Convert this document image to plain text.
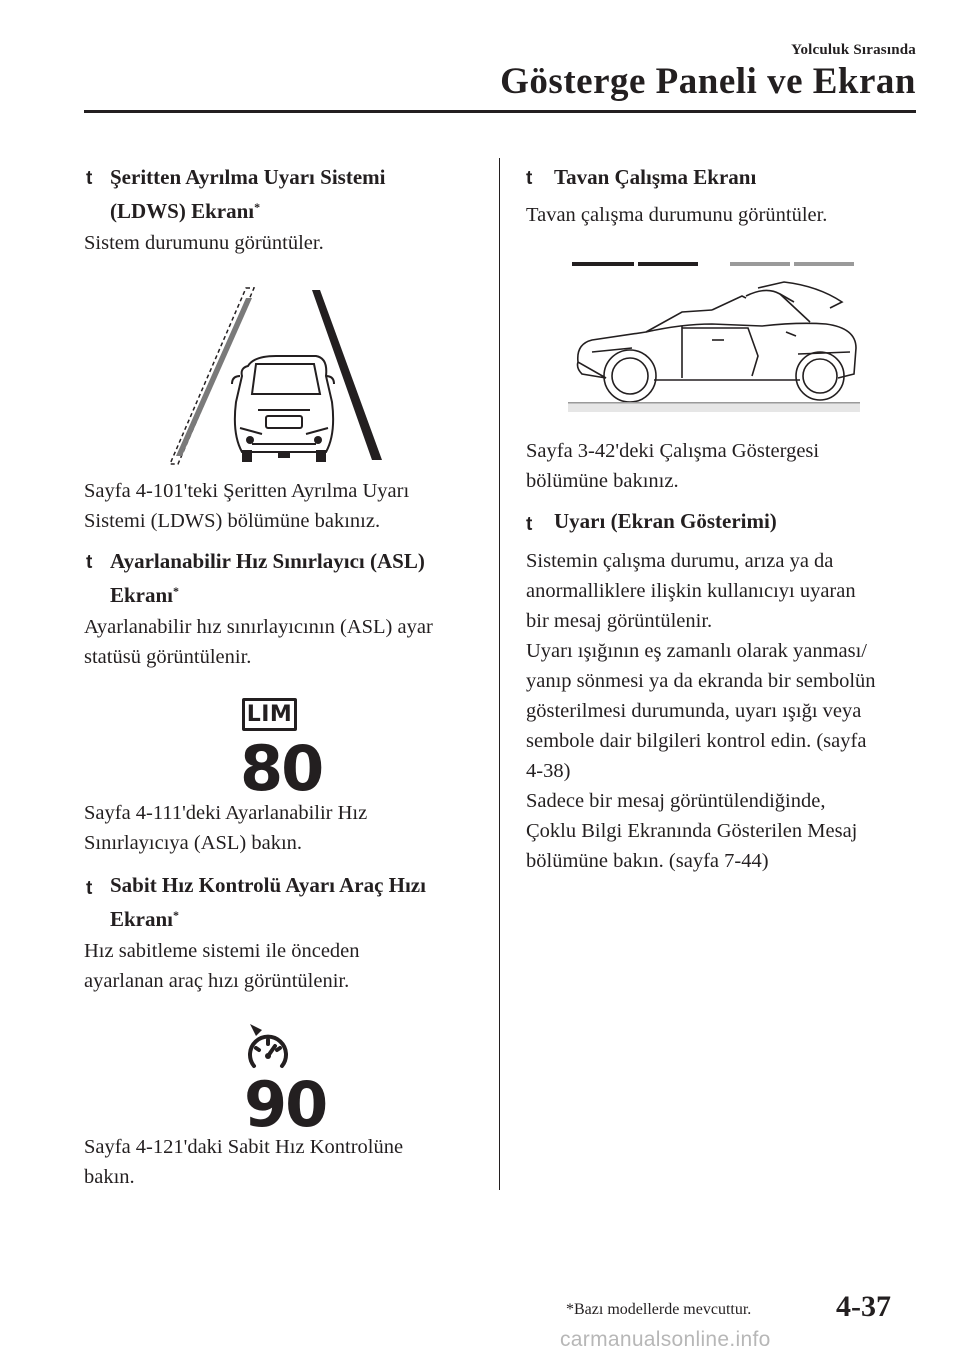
Yolculuk Sırasında
Gösterge Paneli ve Ekran
t Şeritten Ayrılma Uyarı Sistemi
(LDWS) Ekranı*
Sistem durumunu görüntüler.
Sayfa 4-101'teki Şeritten Ayrılma Uyarı
Sistemi (LDWS) bölümüne bakınız.
t Ayarlanabilir Hız Sınırlayıcı (ASL)
Ekranı*
Ayarlanabilir hız sınırlayıcının (ASL) ayar
statüsü görüntülenir.
LIM
80
Sayfa 4-111'deki Ayarlanabilir Hız
Sınırlayıcıya (ASL) bakın.
t Sabit Hız Kontrolü Ayarı Araç Hızı
Ekranı*
Hız sabitleme sistemi ile önceden
ayarlanan araç hızı görüntülenir.
90
Sayfa 4-121'daki Sabit Hız Kontrolüne
bakın.
t Tavan Çalışma Ekranı
Tavan çalışma durumunu görüntüler.
Sayfa 3-42'deki Çalışma Göstergesi
bölümüne bakınız.
t Uyarı (Ekran Gösterimi)
Sistemin çalışma durumu, arıza ya da
anormalliklere ilişkin kullanıcıyı uyaran
bir mesaj görüntülenir.
Uyarı ışığının eş zamanlı olarak yanması/
yanıp sönmesi ya da ekranda bir sembolün
gösterilmesi durumunda, uyarı ışığı veya
sembole dair bilgileri kontrol edin. (sayfa
4-38)
Sadece bir mesaj görüntülendiğinde,
Çoklu Bilgi Ekranında Gösterilen Mesaj
bölümüne bakın. (sayfa 7-44)
*Bazı modellerde mevcuttur.	4-37
carmanualsonline.info
